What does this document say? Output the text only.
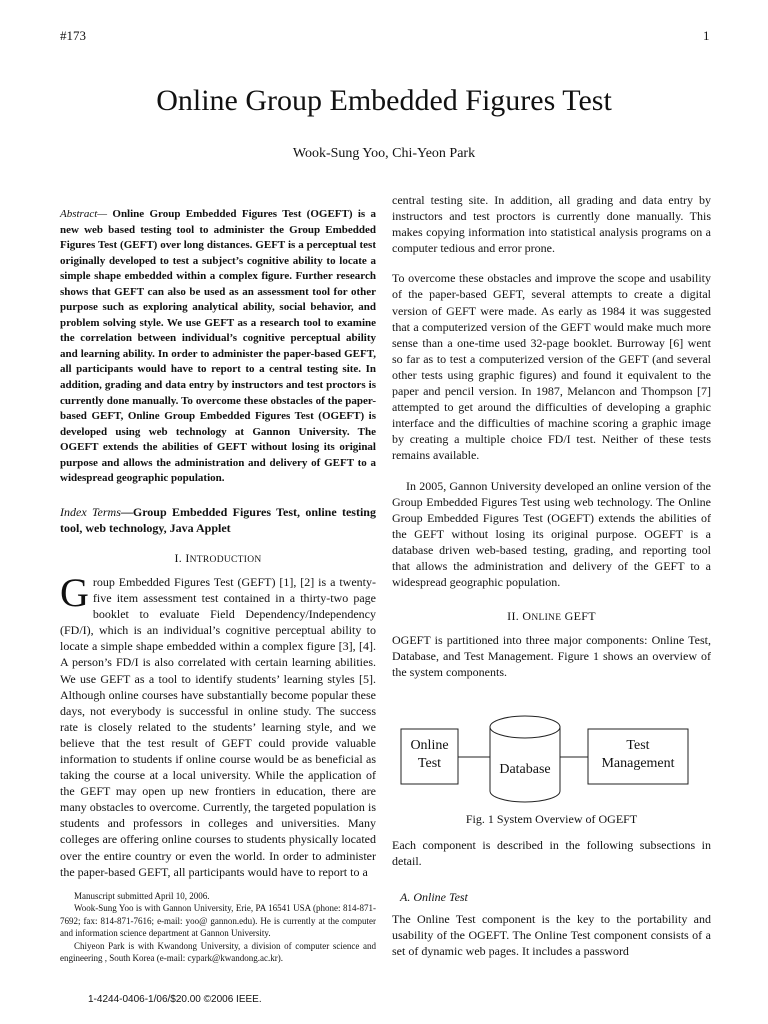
#173	1
Online Group Embedded Figures Test
Wook-Sung Yoo, Chi-Yeon Park

Abstract— Online Group Embedded Figures Test (OGEFT) is a new web based testing tool to administer the Group Embedded Figures Test (GEFT) over long distances. GEFT is a perceptual test originally developed to test a subject’s cognitive ability to locate a simple shape embedded within a complex figure. Further research shows that GEFT can also be used as an assessment tool for other purpose such as exploring analytical ability, social behavior, and problem solving style. We use GEFT as a research tool to examine the correlation between individual’s cognitive perceptual ability and learning ability. In order to administer the paper-based GEFT, all participants would have to report to a central testing site. In addition, grading and data entry by instructors and test proctors is currently done manually. To overcome these obstacles of the paper-based GEFT, Online Group Embedded Figures Test (OGEFT) is developed using web technology at Gannon University. The OGEFT extends the abilities of GEFT without losing its original purpose and allows the administration and delivery of GEFT to a widespread geographic population.

Index Terms—Group Embedded Figures Test, online testing tool, web technology, Java Applet

I. INTRODUCTION

Group Embedded Figures Test (GEFT) [1], [2] is a twenty-five item assessment test contained in a thirty-two page booklet to evaluate Field Dependency/Independency (FD/I), which is an individual’s cognitive perceptual ability to locate a simple shape embedded within a complex figure [3], [4]. A person’s FD/I is also correlated with certain learning abilities. We use GEFT as a tool to identify students’ learning styles [5]. Although online courses have substantially become popular these days, not everybody is successful in online study. The success rate is closely related to the students’ learning style, and we believe that the test result of GEFT could provide valuable information to students if online course would be as beneficial as taking the course at a local university. While the application of the GEFT may open up new frontiers in education, there are many obstacles to overcome. Currently, the targeted population is students and professors in colleges and universities. Many colleges are offering online courses to students physically located over the entire country or even the world. In order to administer the paper-based GEFT, all participants would have to report to a

Manuscript submitted April 10, 2006.

Wook-Sung Yoo is with Gannon University, Erie, PA 16541 USA (phone: 814-871-7692; fax: 814-871-7616; e-mail: yoo@ gannon.edu). He is currently at the computer and information science department at Gannon University.

Chiyeon Park is with Kwandong University, a division of computer science and engineering , South Korea (e-mail: cypark@kwandong.ac.kr).

1-4244-0406-1/06/$20.00 ©2006 IEEE.

central testing site. In addition, all grading and data entry by instructors and test proctors is currently done manually. This makes copying information into statistical analysis programs on a computer tedious and error prone.

To overcome these obstacles and improve the scope and usability of the paper-based GEFT, several attempts to create a digital version of GEFT were made. As early as 1984 it was suggested that a computerized version of the GEFT would make much more sense than a one-time used 32-page booklet. Burroway [6] went so far as to test a computerized version of the GEFT (and several other tests using graphic figures) and found it equivalent to the paper and pencil version. In 1987, Melancon and Thompson [7] attempted to get around the difficulties of developing a graphic interface and the difficulties of machine scoring a graphic image by creating a multiple choice FD/I test. Neither of these tests remains available.

In 2005, Gannon University developed an online version of the Group Embedded Figures Test using web technology. The Online Group Embedded Figures Test (OGEFT) extends the abilities of the GEFT without losing its original purpose. OGEFT is a database driven web-based testing, grading, and reporting tool that allows the administration and delivery of the GEFT to a widespread geographic population.

II. ONLINE GEFT

OGEFT is partitioned into three major components: Online Test, Database, and Test Management. Figure 1 shows an overview of the system components.

Online
Test	Database
Test
Management

Fig. 1 System Overview of OGEFT

Each component is described in the following subsections in detail.

A. Online Test

The Online Test component is the key to the portability and usability of the OGEFT. The Online Test component consists of a set of dynamic web pages. It includes a password
